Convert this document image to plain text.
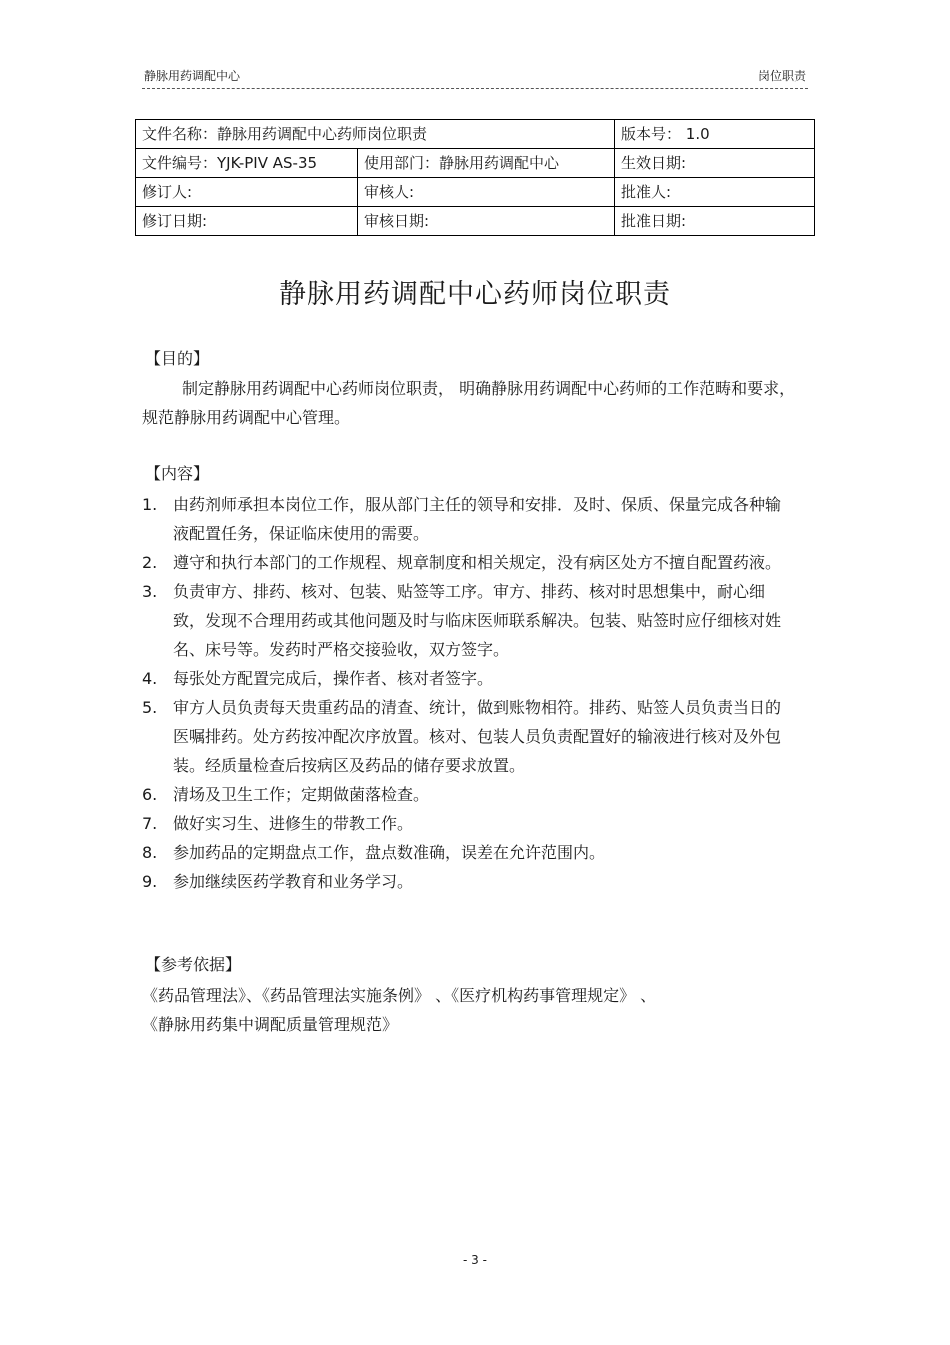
静脉用药调配中心	岗位职责
文件名称：静脉用药调配中心药师岗位职责		版本号： 1.0
文件编号：YJK-PIV AS-35	使用部门：静脉用药调配中心	生效日期:
修订人:	审核人:	批准人:
修订日期:	审核日期:	批准日期:
静脉用药调配中心药师岗位职责
【目的】
制定静脉用药调配中心药师岗位职责， 明确静脉用药调配中心药师的工作范畴和要求，规范静脉用药调配中心管理。
【内容】
1. 由药剂师承担本岗位工作，服从部门主任的领导和安排．及时、保质、保量完成各种输液配置任务，保证临床使用的需要。
2. 遵守和执行本部门的工作规程、规章制度和相关规定，没有病区处方不擅自配置药液。
3. 负责审方、排药、核对、包装、贴签等工序。审方、排药、核对时思想集中，耐心细致，发现不合理用药或其他问题及时与临床医师联系解决。包装、贴签时应仔细核对姓名、床号等。发药时严格交接验收，双方签字。
4. 每张处方配置完成后，操作者、核对者签字。
5. 审方人员负责每天贵重药品的清查、统计，做到账物相符。排药、贴签人员负责当日的医嘱排药。处方药按冲配次序放置。核对、包装人员负责配置好的输液进行核对及外包装。经质量检查后按病区及药品的储存要求放置。
6. 清场及卫生工作；定期做菌落检查。
7. 做好实习生、进修生的带教工作。
8. 参加药品的定期盘点工作，盘点数准确，误差在允许范围内。
9. 参加继续医药学教育和业务学习。
【参考依据】
《药品管理法》、《药品管理法实施条例》 、《医疗机构药事管理规定》 、
《静脉用药集中调配质量管理规范》
- 3 -
